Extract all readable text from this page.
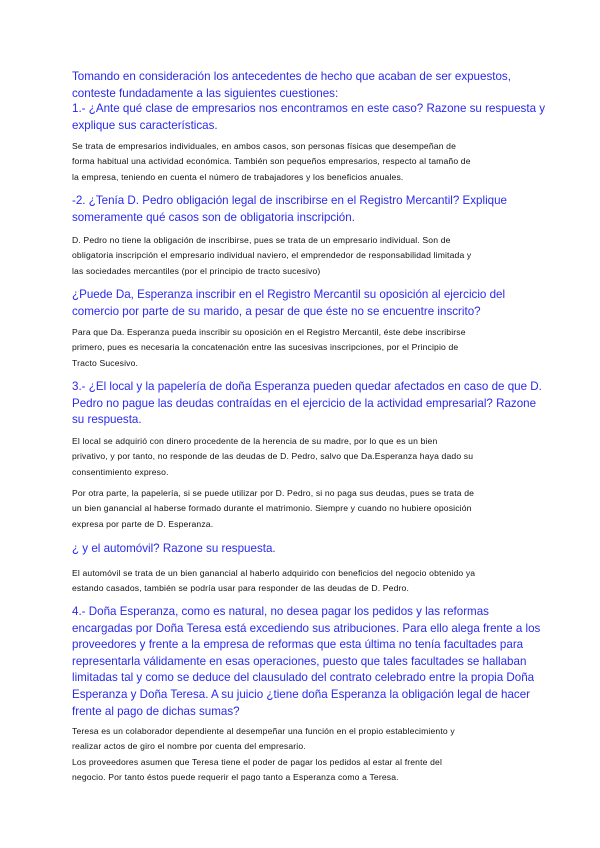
Tomando en consideración los antecedentes de hecho que acaban de ser expuestos,
conteste fundadamente a las siguientes cuestiones:

1.- ¿Ante qué clase de empresarios nos encontramos en este caso? Razone su respuesta y
explique sus características.

Se trata de empresarios individuales, en ambos casos, son personas físicas que desempeñan de
forma habitual una actividad económica. También son pequeños empresarios, respecto al tamaño de
la empresa, teniendo en cuenta el número de trabajadores y los beneficios anuales.

-2. ¿Tenía D. Pedro obligación legal de inscribirse en el Registro Mercantil? Explique
someramente qué casos son de obligatoria inscripción.

D. Pedro no tiene la obligación de inscribirse, pues se trata de un empresario individual. Son de
obligatoria inscripción el empresario individual naviero, el emprendedor de responsabilidad limitada y
las sociedades mercantiles (por el principio de tracto sucesivo)

¿Puede Da, Esperanza inscribir en el Registro Mercantil su oposición al ejercicio del
comercio por parte de su marido, a pesar de que éste no se encuentre inscrito?

Para que Da. Esperanza pueda inscribir su oposición en el Registro Mercantil, éste debe inscribirse
primero, pues es necesaria la concatenación entre las sucesivas inscripciones, por el Principio de
Tracto Sucesivo.

3.- ¿El local y la papelería de doña Esperanza pueden quedar afectados en caso de que D.
Pedro no pague las deudas contraídas en el ejercicio de la actividad empresarial? Razone
su respuesta.

El local se adquirió con dinero procedente de la herencia de su madre, por lo que es un bien
privativo, y por tanto, no responde de las deudas de D. Pedro, salvo que Da.Esperanza haya dado su
consentimiento expreso.

Por otra parte, la papelería, si se puede utilizar por D. Pedro, si no paga sus deudas, pues se trata de
un bien ganancial al haberse formado durante el matrimonio. Siempre y cuando no hubiere oposición
expresa por parte de D. Esperanza.

¿ y el automóvil? Razone su respuesta.

El automóvil se trata de un bien ganancial al haberlo adquirido con beneficios del negocio obtenido ya
estando casados, también se podría usar para responder de las deudas de D. Pedro.

4.- Doña Esperanza, como es natural, no desea pagar los pedidos y las reformas
encargadas por Doña Teresa está excediendo sus atribuciones. Para ello alega frente a los
proveedores y frente a la empresa de reformas que esta última no tenía facultades para
representarla válidamente en esas operaciones, puesto que tales facultades se hallaban
limitadas tal y como se deduce del clausulado del contrato celebrado entre la propia Doña
Esperanza y Doña Teresa. A su juicio ¿tiene doña Esperanza la obligación legal de hacer
frente al pago de dichas sumas?

Teresa es un colaborador dependiente al desempeñar una función en el propio establecimiento y
realizar actos de giro el nombre por cuenta del empresario.
Los proveedores asumen que Teresa tiene el poder de pagar los pedidos al estar al frente del
negocio. Por tanto éstos puede requerir el pago tanto a Esperanza como a Teresa.
